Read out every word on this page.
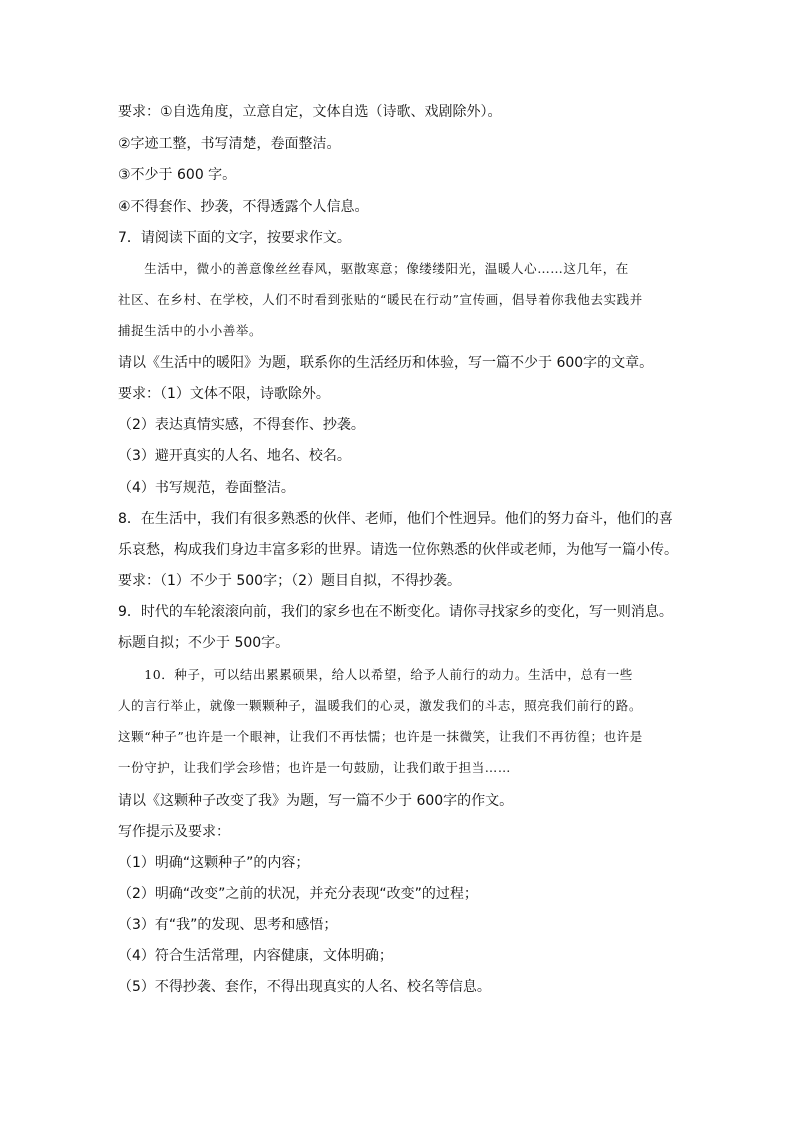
要求：①自选角度，立意自定，文体自选（诗歌、戏剧除外）。
②字迹工整，书写清楚，卷面整洁。
③不少于 600 字。
④不得套作、抄袭，不得透露个人信息。
7．请阅读下面的文字，按要求作文。
　　生活中，微小的善意像丝丝春风，驱散寒意；像缕缕阳光，温暖人心……这几年，在
社区、在乡村、在学校，人们不时看到张贴的“暖民在行动”宣传画，倡导着你我他去实践并
捕捉生活中的小小善举。
请以《生活中的暖阳》为题，联系你的生活经历和体验，写一篇不少于 600字的文章。
要求：（1）文体不限，诗歌除外。
（2）表达真情实感，不得套作、抄袭。
（3）避开真实的人名、地名、校名。
（4）书写规范，卷面整洁。
8．在生活中，我们有很多熟悉的伙伴、老师，他们个性迥异。他们的努力奋斗，他们的喜
乐哀愁，构成我们身边丰富多彩的世界。请选一位你熟悉的伙伴或老师，为他写一篇小传。
要求：（1）不少于 500字；（2）题目自拟，不得抄袭。
9．时代的车轮滚滚向前，我们的家乡也在不断变化。请你寻找家乡的变化，写一则消息。
标题自拟；不少于 500字。
　　10．种子，可以结出累累硕果，给人以希望，给予人前行的动力。生活中，总有一些
人的言行举止，就像一颗颗种子，温暖我们的心灵，激发我们的斗志，照亮我们前行的路。
这颗“种子”也许是一个眼神，让我们不再怯懦；也许是一抹微笑，让我们不再彷徨；也许是
一份守护，让我们学会珍惜；也许是一句鼓励，让我们敢于担当……
请以《这颗种子改变了我》为题，写一篇不少于 600字的作文。
写作提示及要求：
（1）明确“这颗种子”的内容；
（2）明确“改变”之前的状况，并充分表现“改变”的过程；
（3）有“我”的发现、思考和感悟；
（4）符合生活常理，内容健康，文体明确；
（5）不得抄袭、套作，不得出现真实的人名、校名等信息。
